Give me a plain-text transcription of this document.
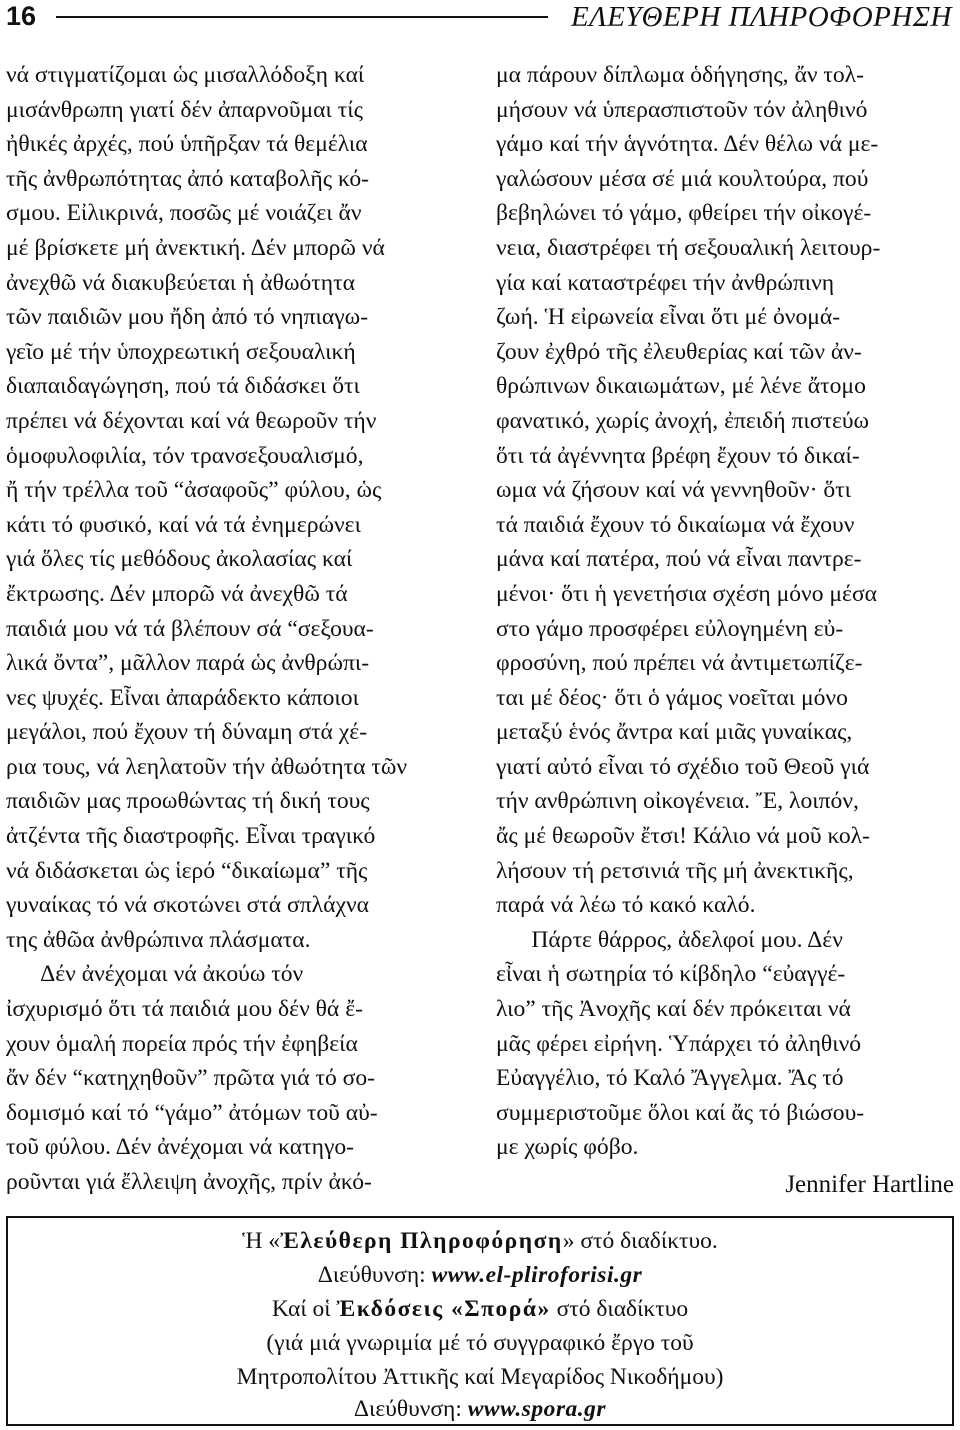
16	ΕΛΕΥΘΕΡΗ ΠΛΗΡΟΦΟΡΗΣΗ
νά στιγματίζομαι ὡς μισαλλόδοξη καί
μισάνθρωπη γιατί δέν ἀπαρνοῦμαι τίς
ἠθικές ἀρχές, πού ὑπῆρξαν τά θεμέλια
τῆς ἀνθρωπότητας ἀπό καταβολῆς κό-
σμου. Εἰλικρινά, ποσῶς μέ νοιάζει ἄν
μέ βρίσκετε μή ἀνεκτική. Δέν μπορῶ νά
ἀνεχθῶ νά διακυβεύεται ἡ ἀθωότητα
τῶν παιδιῶν μου ἤδη ἀπό τό νηπιαγω-
γεῖο μέ τήν ὑποχρεωτική σεξουαλική
διαπαιδαγώγηση, πού τά διδάσκει ὅτι
πρέπει νά δέχονται καί νά θεωροῦν τήν
ὁμοφυλοφιλία, τόν τρανσεξουαλισμό,
ἤ τήν τρέλλα τοῦ “ἀσαφοῦς” φύλου, ὡς
κάτι τό φυσικό, καί νά τά ἐνημερώνει
γιά ὅλες τίς μεθόδους ἀκολασίας καί
ἔκτρωσης. Δέν μπορῶ νά ἀνεχθῶ τά
παιδιά μου νά τά βλέπουν σά “σεξουα-
λικά ὄντα”, μᾶλλον παρά ὡς ἀνθρώπι-
νες ψυχές. Εἶναι ἀπαράδεκτο κάποιοι
μεγάλοι, πού ἔχουν τή δύναμη στά χέ-
ρια τους, νά λεηλατοῦν τήν ἀθωότητα τῶν
παιδιῶν μας προωθώντας τή δική τους
ἀτζέντα τῆς διαστροφῆς. Εἶναι τραγικό
νά διδάσκεται ὡς ἱερό “δικαίωμα” τῆς
γυναίκας τό νά σκοτώνει στά σπλάχνα
της ἀθῶα ἀνθρώπινα πλάσματα.
Δέν ἀνέχομαι νά ἀκούω τόν
ἰσχυρισμό ὅτι τά παιδιά μου δέν θά ἔ-
χουν ὁμαλή πορεία πρός τήν ἐφηβεία
ἄν δέν “κατηχηθοῦν” πρῶτα γιά τό σο-
δομισμό καί τό “γάμο” ἀτόμων τοῦ αὐ-
τοῦ φύλου. Δέν ἀνέχομαι νά κατηγο-
ροῦνται γιά ἔλλειψη ἀνοχῆς, πρίν ἀκό-
μα πάρουν δίπλωμα ὁδήγησης, ἄν τολ-
μήσουν νά ὑπερασπιστοῦν τόν ἀληθινό
γάμο καί τήν ἁγνότητα. Δέν θέλω νά με-
γαλώσουν μέσα σέ μιά κουλτούρα, πού
βεβηλώνει τό γάμο, φθείρει τήν οἰκογέ-
νεια, διαστρέφει τή σεξουαλική λειτουρ-
γία καί καταστρέφει τήν ἀνθρώπινη
ζωή. Ἡ εἰρωνεία εἶναι ὅτι μέ ὀνομά-
ζουν ἐχθρό τῆς ἐλευθερίας καί τῶν ἀν-
θρώπινων δικαιωμάτων, μέ λένε ἄτομο
φανατικό, χωρίς ἀνοχή, ἐπειδή πιστεύω
ὅτι τά ἀγέννητα βρέφη ἔχουν τό δικαί-
ωμα νά ζήσουν καί νά γεννηθοῦν· ὅτι
τά παιδιά ἔχουν τό δικαίωμα νά ἔχουν
μάνα καί πατέρα, πού νά εἶναι παντρε-
μένοι· ὅτι ἡ γενετήσια σχέση μόνο μέσα
στο γάμο προσφέρει εὐλογημένη εὐ-
φροσύνη, πού πρέπει νά ἀντιμετωπίζε-
ται μέ δέος· ὅτι ὁ γάμος νοεῖται μόνο
μεταξύ ἑνός ἄντρα καί μιᾶς γυναίκας,
γιατί αὐτό εἶναι τό σχέδιο τοῦ Θεοῦ γιά
τήν ανθρώπινη οἰκογένεια. Ἔ, λοιπόν,
ἄς μέ θεωροῦν ἔτσι! Κάλιο νά μοῦ κολ-
λήσουν τή ρετσινιά τῆς μή ἀνεκτικῆς,
παρά νά λέω τό κακό καλό.
Πάρτε θάρρος, ἀδελφοί μου. Δέν
εἶναι ἡ σωτηρία τό κίβδηλο “εὐαγγέ-
λιο” τῆς Ἀνοχῆς καί δέν πρόκειται νά
μᾶς φέρει εἰρήνη. Ὑπάρχει τό ἀληθινό
Εὐαγγέλιο, τό Καλό Ἄγγελμα. Ἄς τό
συμμεριστοῦμε ὅλοι καί ἄς τό βιώσου-
με χωρίς φόβο.
Jennifer Hartline
Ἡ «Ἐλεύθερη Πληροφόρηση» στό διαδίκτυο.
Διεύθυνση: www.el-pliroforisi.gr
Καί οἱ Ἐκδόσεις «Σπορά» στό διαδίκτυο
(γιά μιά γνωριμία μέ τό συγγραφικό ἔργο τοῦ
Μητροπολίτου Ἀττικῆς καί Μεγαρίδος Νικοδήμου)
Διεύθυνση: www.spora.gr
